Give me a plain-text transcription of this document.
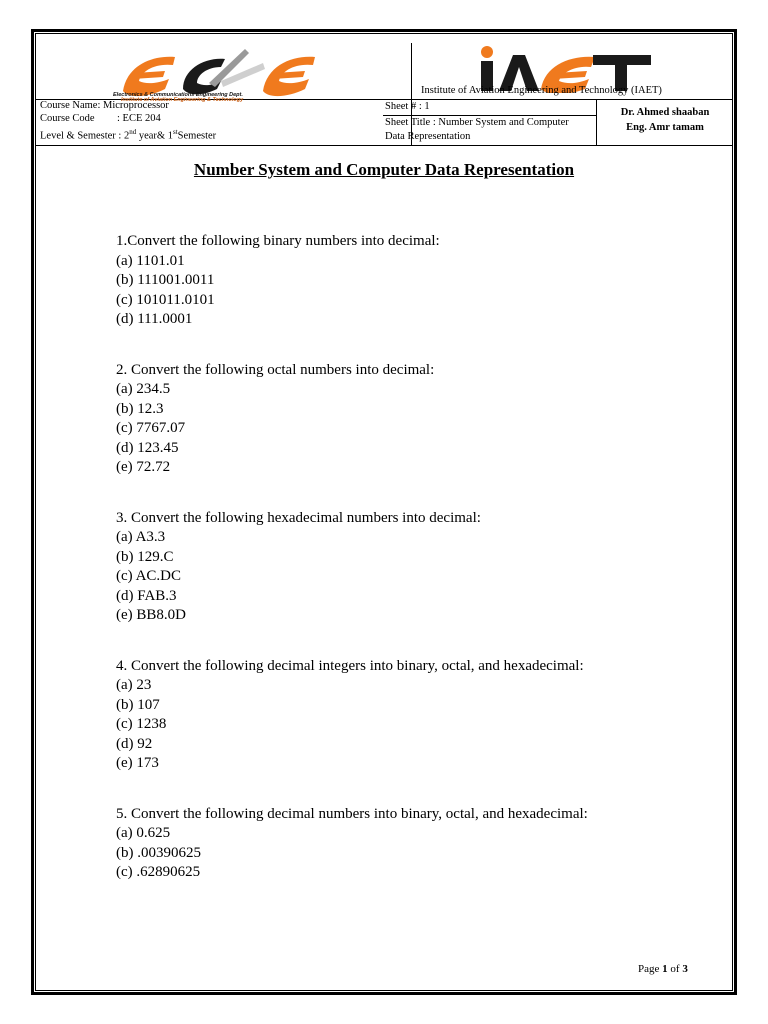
Electronics & Communications Engineering Dept.
Institute of Aviation Engineering & Technology
Institute of Aviation Engineering and Technology (IAET)
Course Name: Microprocessor
Course Code : ECE 204
Level & Semester : 2nd year& 1stSemester
Sheet # : 1
Sheet Title : Number System and Computer Data Representation
Dr. Ahmed shaaban
Eng. Amr tamam
Number System and Computer Data Representation
1.Convert the following binary numbers into decimal:
(a) 1101.01
(b) 111001.0011
(c) 101011.0101
(d) 111.0001
2. Convert the following octal numbers into decimal:
(a) 234.5
(b) 12.3
(c) 7767.07
(d) 123.45
(e) 72.72
3. Convert the following hexadecimal numbers into decimal:
(a) A3.3
(b) 129.C
(c) AC.DC
(d) FAB.3
(e) BB8.0D
4. Convert the following decimal integers into binary, octal, and hexadecimal:
(a) 23
(b) 107
(c) 1238
(d) 92
(e) 173
5. Convert the following decimal numbers into binary, octal, and hexadecimal:
(a) 0.625
(b) .00390625
(c) .62890625
Page 1 of 3
